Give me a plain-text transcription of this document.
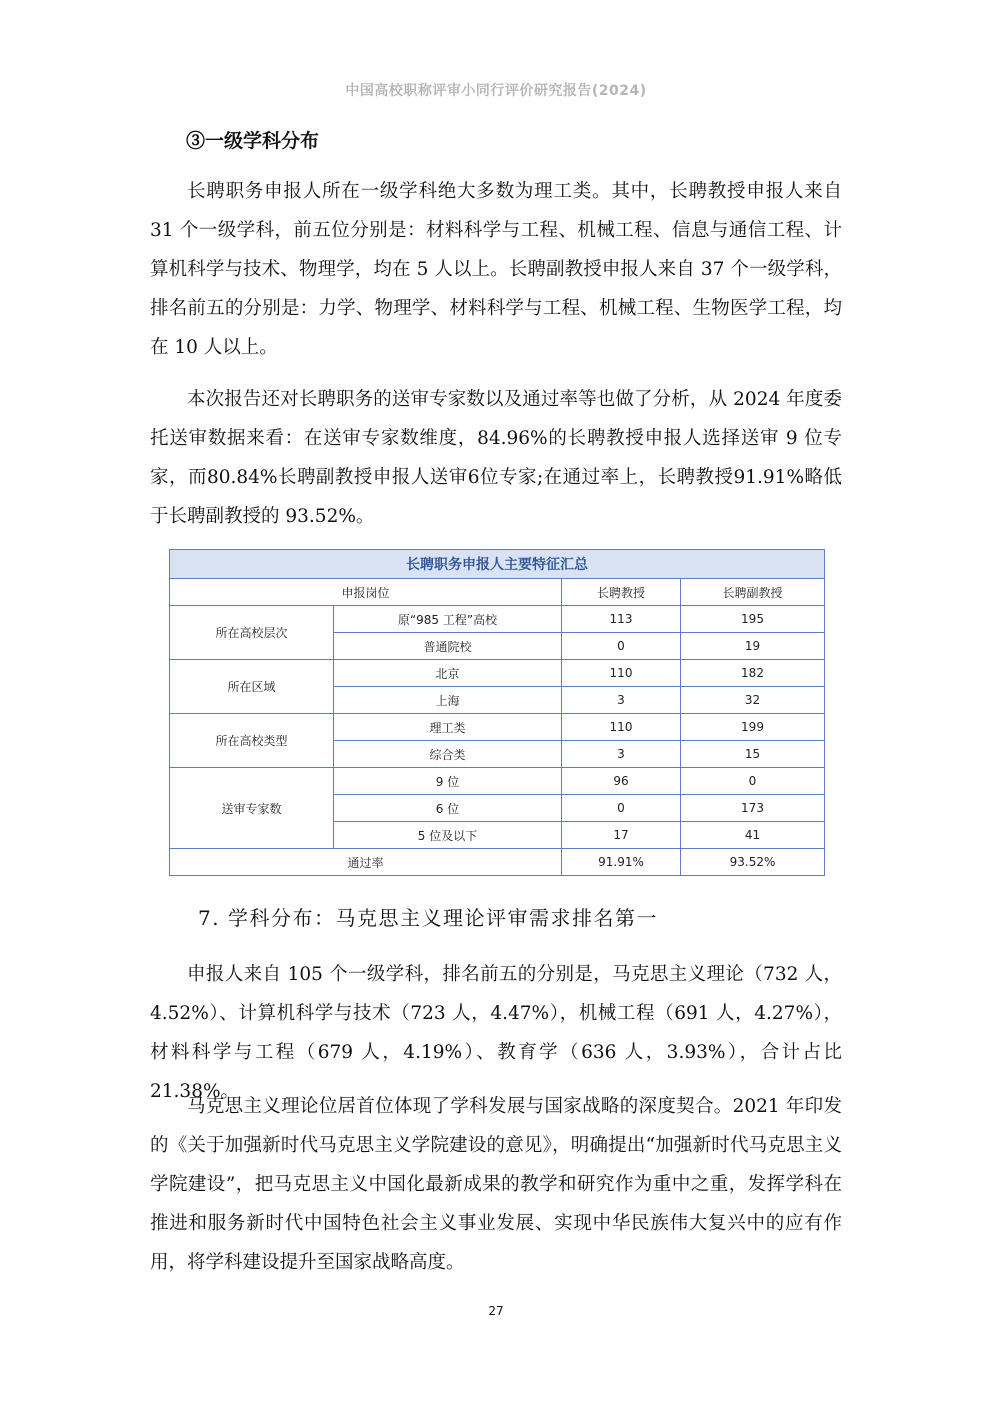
中国高校职称评审小同行评价研究报告(2024)
③一级学科分布

长聘职务申报人所在一级学科绝大多数为理工类。其中，长聘教授申报人来自 31 个一级学科，前五位分别是：材料科学与工程、机械工程、信息与通信工程、计算机科学与技术、物理学，均在 5 人以上。长聘副教授申报人来自 37 个一级学科，排名前五的分别是：力学、物理学、材料科学与工程、机械工程、生物医学工程，均在 10 人以上。

本次报告还对长聘职务的送审专家数以及通过率等也做了分析，从 2024 年度委托送审数据来看：在送审专家数维度，84.96%的长聘教授申报人选择送审 9 位专家，而80.84%长聘副教授申报人送审6位专家;在通过率上，长聘教授91.91%略低于长聘副教授的 93.52%。

长聘职务申报人主要特征汇总			
申报岗位		长聘教授	长聘副教授
所在高校层次	原“985 工程”高校	113	195
	普通院校	0	19
所在区域	北京	110	182
	上海	3	32
所在高校类型	理工类	110	199
	综合类	3	15
送审专家数	9 位	96	0
	6 位	0	173
	5 位及以下	17	41
通过率		91.91%	93.52%
7. 学科分布：马克思主义理论评审需求排名第一

申报人来自 105 个一级学科，排名前五的分别是，马克思主义理论（732 人，4.52%）、计算机科学与技术（723 人，4.47%），机械工程（691 人，4.27%），材料科学与工程（679 人，4.19%）、教育学（636 人，3.93%），合计占比 21.38%。

马克思主义理论位居首位体现了学科发展与国家战略的深度契合。2021 年印发的《关于加强新时代马克思主义学院建设的意见》，明确提出“加强新时代马克思主义学院建设”，把马克思主义中国化最新成果的教学和研究作为重中之重，发挥学科在推进和服务新时代中国特色社会主义事业发展、实现中华民族伟大复兴中的应有作用，将学科建设提升至国家战略高度。

27
